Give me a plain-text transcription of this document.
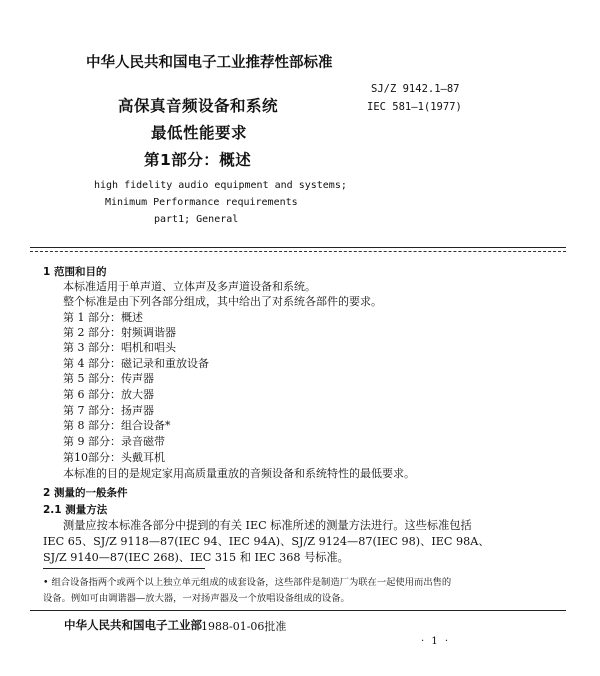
中华人民共和国电子工业推荐性部标准
SJ/Z 9142.1—87
IEC 581—1(1977)
高保真音频设备和系统
最低性能要求
第1部分：概述
high fidelity audio equipment and systems;
Minimum Performance requirements
part1; General
1 范围和目的
本标准适用于单声道、立体声及多声道设备和系统。
整个标准是由下列各部分组成，其中给出了对系统各部件的要求。
第 1 部分：概述
第 2 部分：射频调谐器
第 3 部分：唱机和唱头
第 4 部分：磁记录和重放设备
第 5 部分：传声器
第 6 部分：放大器
第 7 部分：扬声器
第 8 部分：组合设备*
第 9 部分：录音磁带
第10部分：头戴耳机
本标准的目的是规定家用高质量重放的音频设备和系统特性的最低要求。
2 测量的一般条件
2.1 测量方法
测量应按本标准各部分中提到的有关 IEC 标准所述的测量方法进行。这些标准包括
IEC 65、SJ/Z 9118—87(IEC 94、IEC 94A)、SJ/Z 9124—87(IEC 98)、IEC 98A、
SJ/Z 9140—87(IEC 268)、IEC 315 和 IEC 368 号标准。
• 组合设备指两个或两个以上独立单元组成的成套设备，这些部件是制造厂为联在一起使用而出售的
设备。例如可由调谐器—放大器，一对扬声器及一个放唱设备组成的设备。
中华人民共和国电子工业部 1988-01-06批准
· 1 ·
